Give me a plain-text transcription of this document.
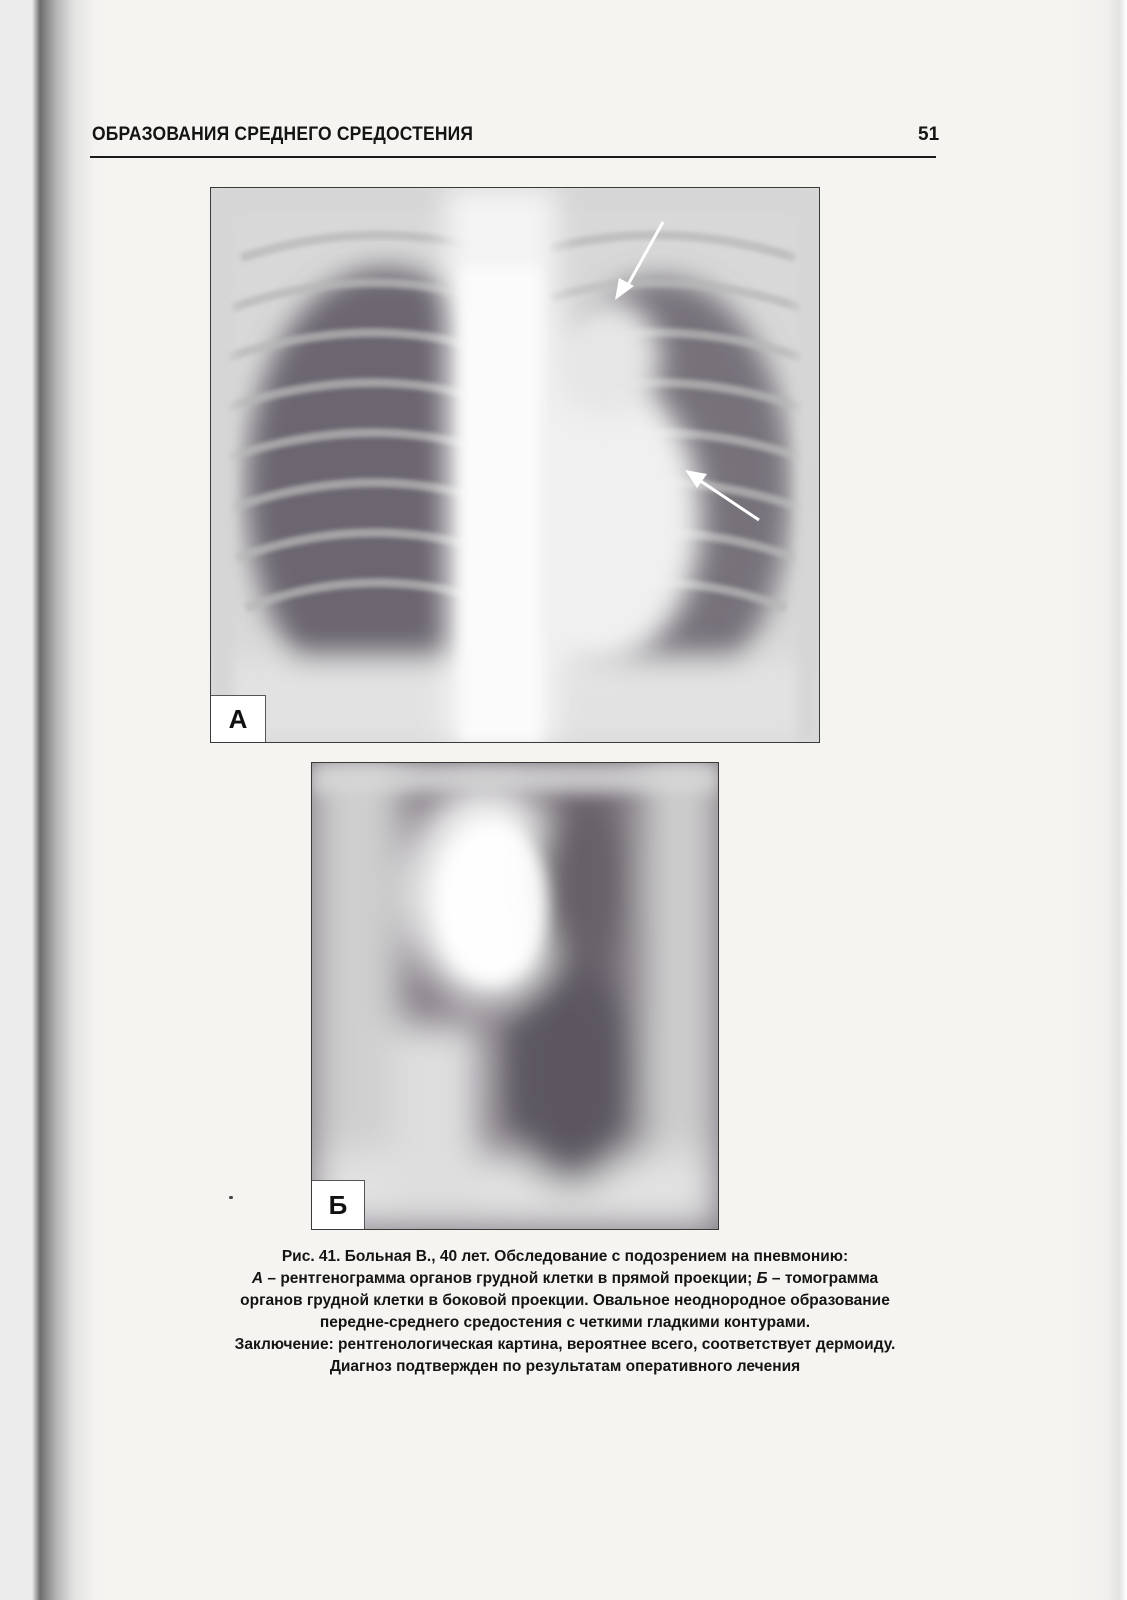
ОБРАЗОВАНИЯ СРЕДНЕГО СРЕДОСТЕНИЯ	51
А
Б
Рис. 41. Больная В., 40 лет. Обследование с подозрением на пневмонию:
А – рентгенограмма органов грудной клетки в прямой проекции; Б – томограмма
органов грудной клетки в боковой проекции. Овальное неоднородное образование
передне-среднего средостения с четкими гладкими контурами.
Заключение: рентгенологическая картина, вероятнее всего, соответствует дермоиду.
Диагноз подтвержден по результатам оперативного лечения
